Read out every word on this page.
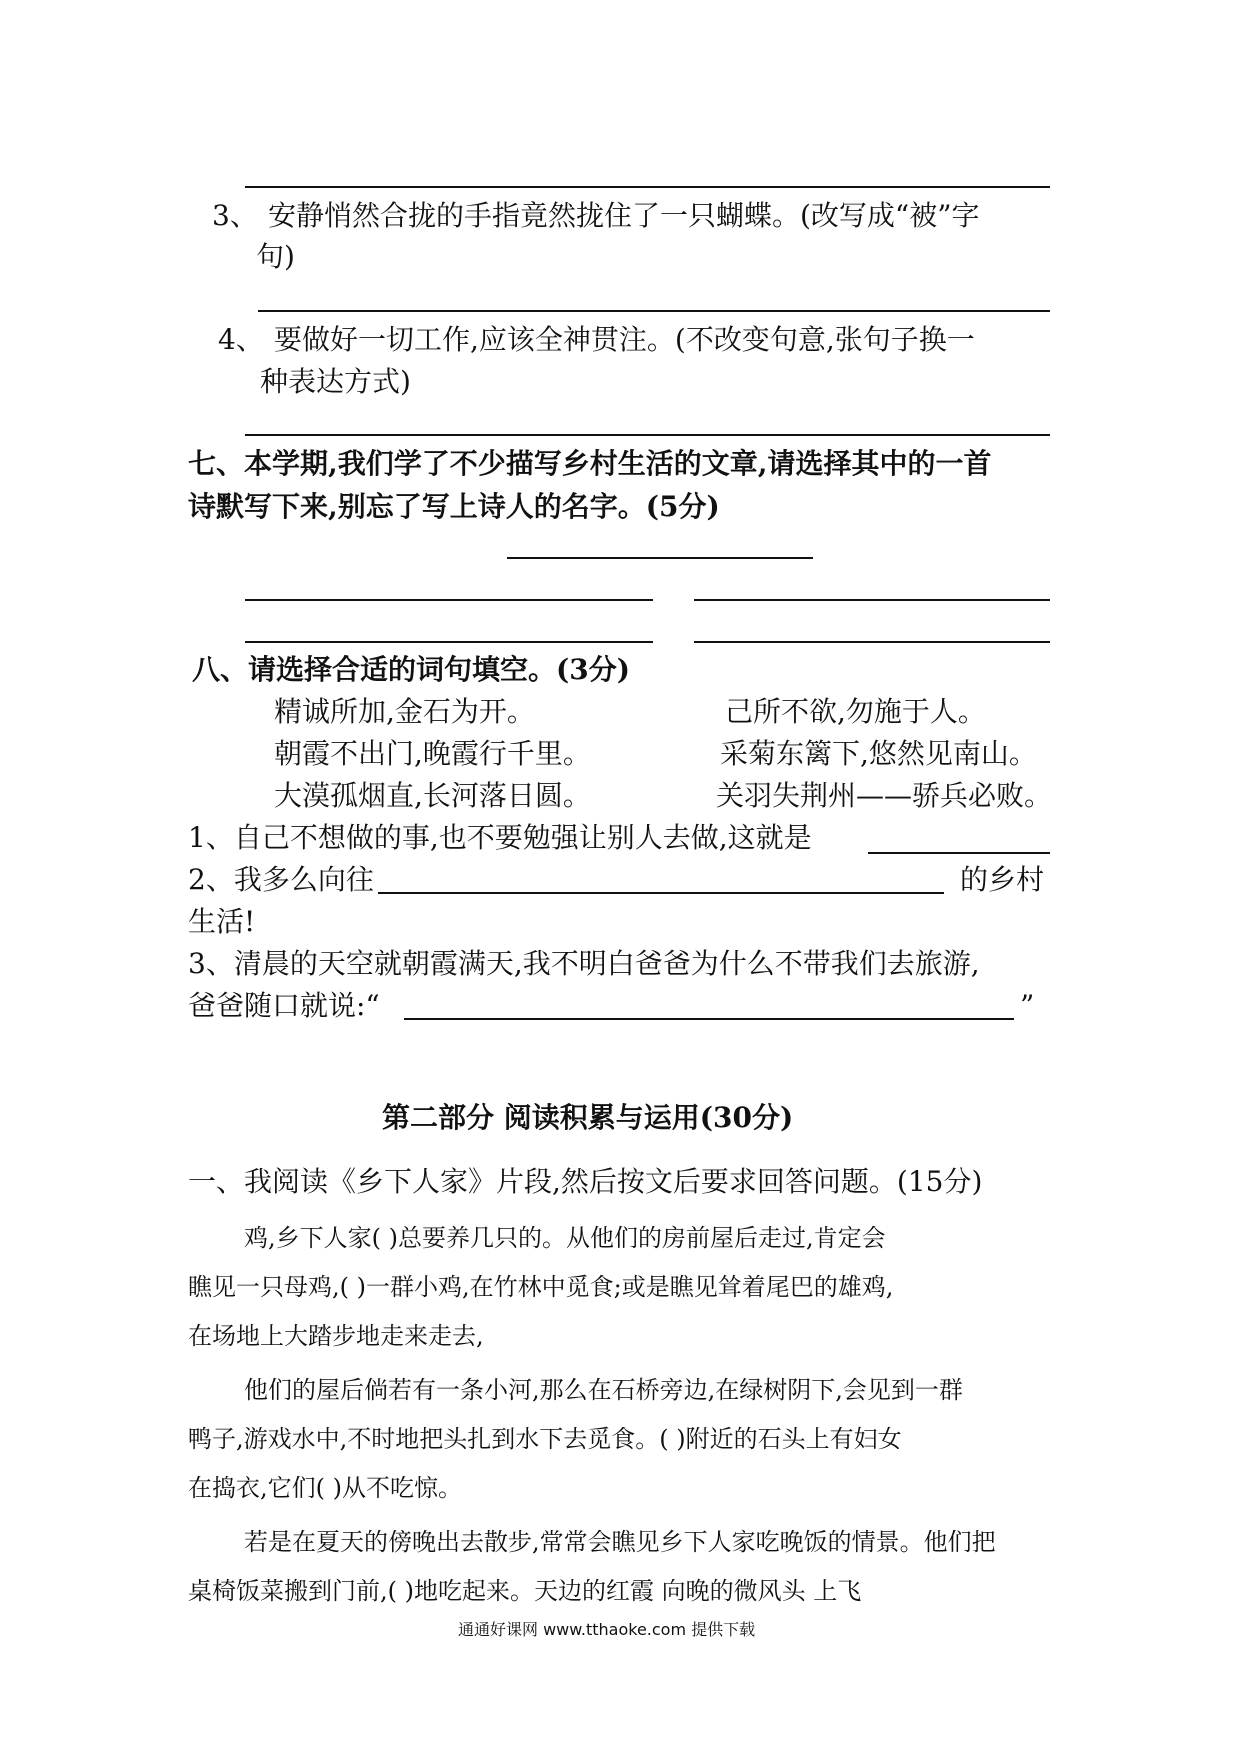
3、 安静悄然合拢的手指竟然拢住了一只蝴蝶。(改写成“被”字
句)
4、 要做好一切工作,应该全神贯注。(不改变句意,张句子换一
种表达方式)
七、本学期,我们学了不少描写乡村生活的文章,请选择其中的一首
诗默写下来,别忘了写上诗人的名字。(5分)
八、请选择合适的词句填空。(3分)
精诚所加,金石为开。	己所不欲,勿施于人。
朝霞不出门,晚霞行千里。	采菊东篱下,悠然见南山。
大漠孤烟直,长河落日圆。	关羽失荆州——骄兵必败。
1、自己不想做的事,也不要勉强让别人去做,这就是
2、我多么向往	的乡村
生活!
3、清晨的天空就朝霞满天,我不明白爸爸为什么不带我们去旅游,
爸爸随口就说:“	”
第二部分 阅读积累与运用(30分)
一、我阅读《乡下人家》片段,然后按文后要求回答问题。(15分)
鸡,乡下人家( )总要养几只的。从他们的房前屋后走过,肯定会
瞧见一只母鸡,( )一群小鸡,在竹林中觅食;或是瞧见耸着尾巴的雄鸡,
在场地上大踏步地走来走去,
他们的屋后倘若有一条小河,那么在石桥旁边,在绿树阴下,会见到一群
鸭子,游戏水中,不时地把头扎到水下去觅食。( )附近的石头上有妇女
在捣衣,它们( )从不吃惊。
若是在夏天的傍晚出去散步,常常会瞧见乡下人家吃晚饭的情景。他们把
桌椅饭菜搬到门前,( )地吃起来。天边的红霞 向晚的微风头 上飞
通通好课网 www.tthaoke.com 提供下载
